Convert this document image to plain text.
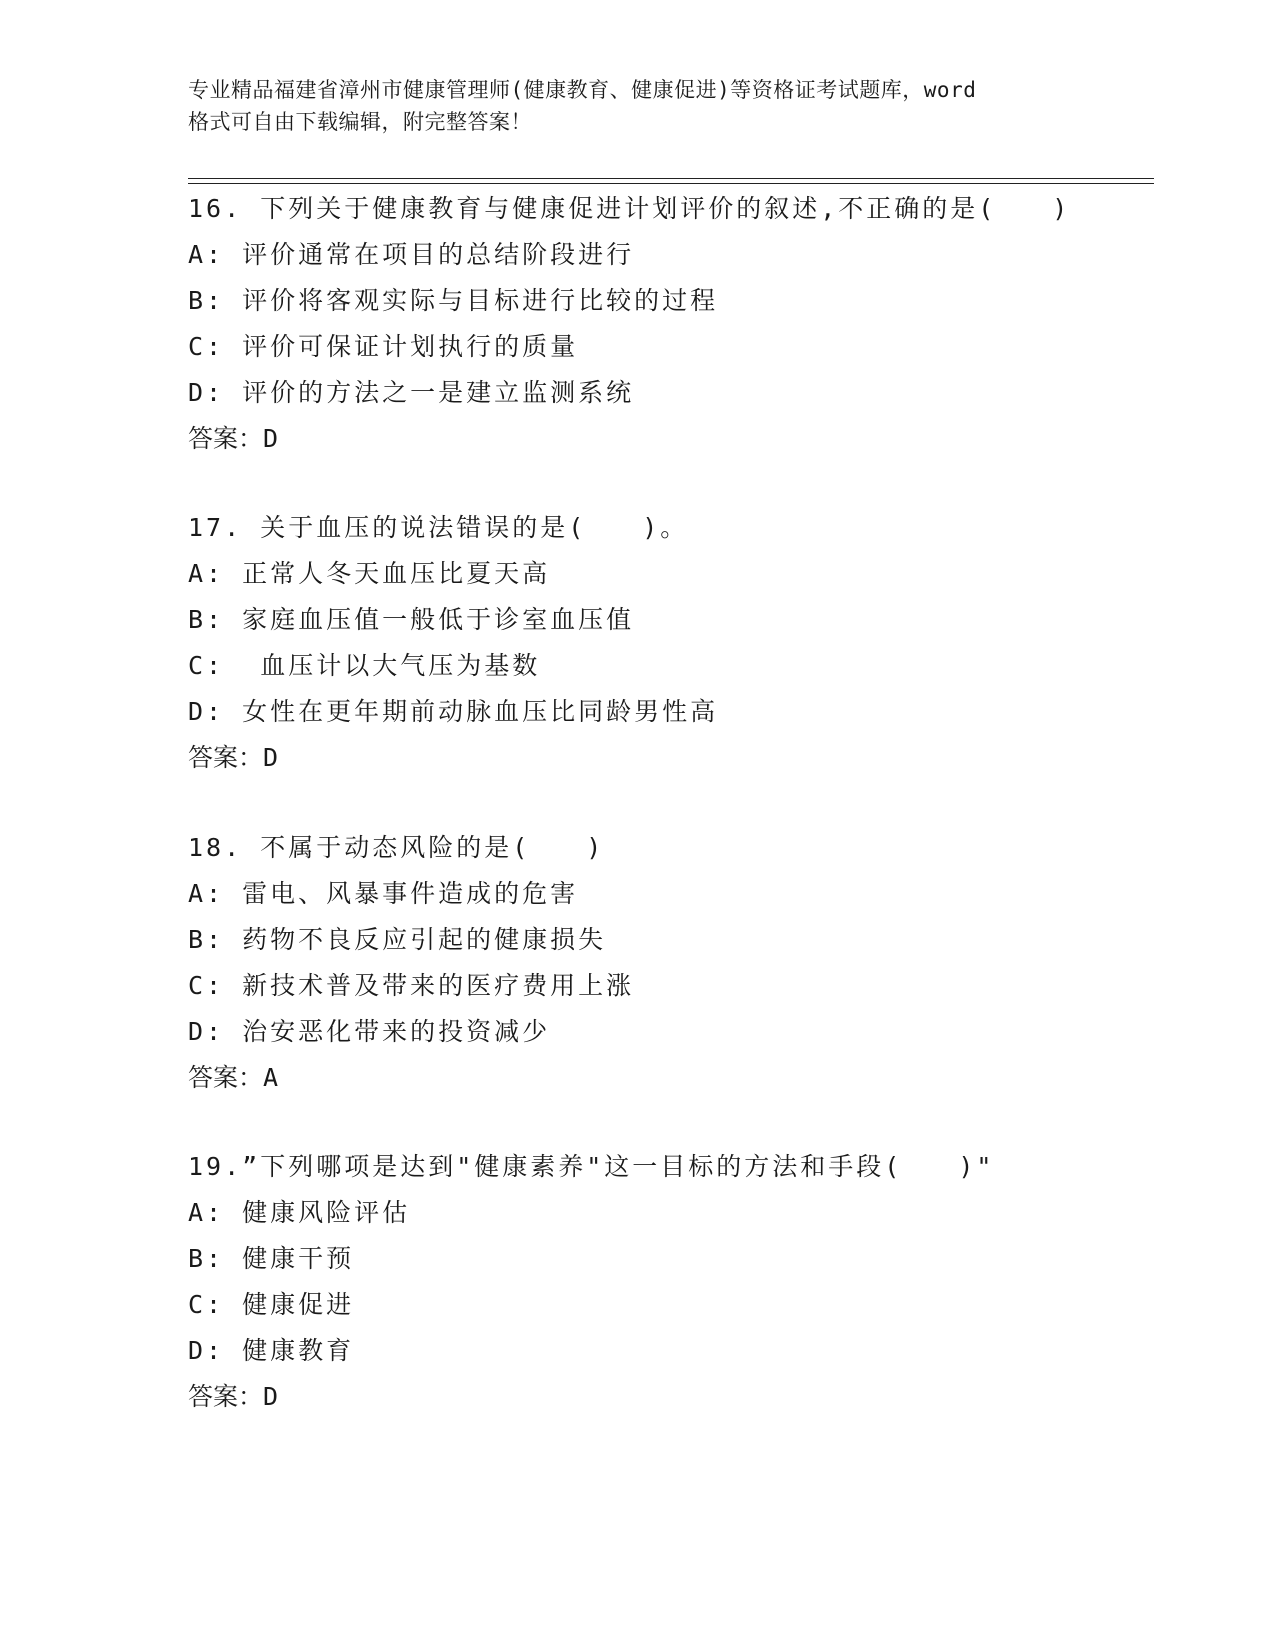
专业精品福建省漳州市健康管理师(健康教育、健康促进)等资格证考试题库，word
格式可自由下载编辑，附完整答案！
16. 下列关于健康教育与健康促进计划评价的叙述,不正确的是(　　)
A: 评价通常在项目的总结阶段进行
B: 评价将客观实际与目标进行比较的过程
C: 评价可保证计划执行的质量
D: 评价的方法之一是建立监测系统
答案：D
17. 关于血压的说法错误的是(　　)。
A: 正常人冬天血压比夏天高
B: 家庭血压值一般低于诊室血压值
C:  血压计以大气压为基数
D: 女性在更年期前动脉血压比同龄男性高
答案：D
18. 不属于动态风险的是(　　)
A: 雷电、风暴事件造成的危害
B: 药物不良反应引起的健康损失
C: 新技术普及带来的医疗费用上涨
D: 治安恶化带来的投资减少
答案：A
19.”下列哪项是达到"健康素养"这一目标的方法和手段(　　)"
A: 健康风险评估
B: 健康干预
C: 健康促进
D: 健康教育
答案：D
